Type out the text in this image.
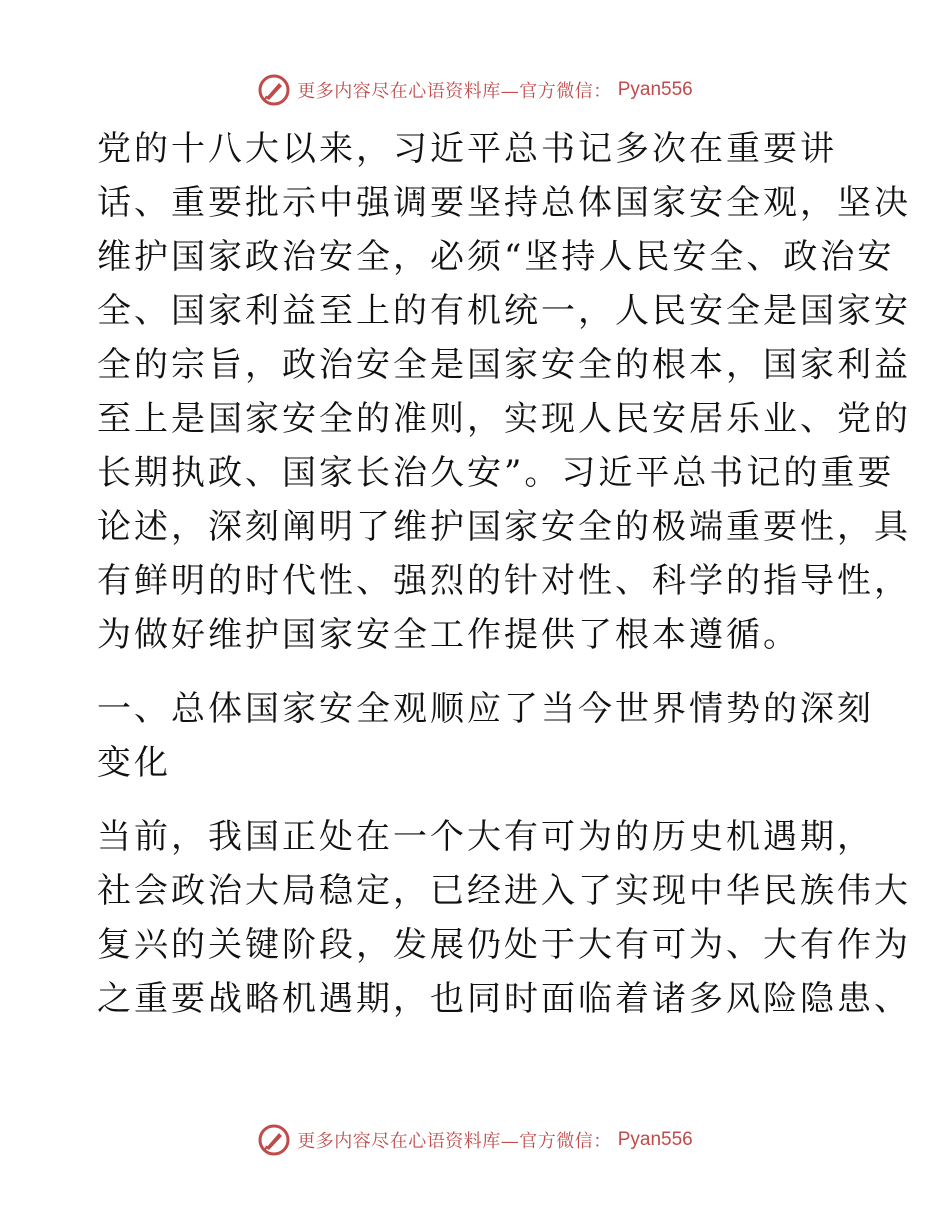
更多内容尽在心语资料库—官方微信： Pyan556
党的十八大以来，习近平总书记多次在重要讲
话、重要批示中强调要坚持总体国家安全观，坚决
维护国家政治安全，必须“坚持人民安全、政治安
全、国家利益至上的有机统一，人民安全是国家安
全的宗旨，政治安全是国家安全的根本，国家利益
至上是国家安全的准则，实现人民安居乐业、党的
长期执政、国家长治久安”。习近平总书记的重要
论述，深刻阐明了维护国家安全的极端重要性，具
有鲜明的时代性、强烈的针对性、科学的指导性，
为做好维护国家安全工作提供了根本遵循。
一、总体国家安全观顺应了当今世界情势的深刻
变化
当前，我国正处在一个大有可为的历史机遇期，
社会政治大局稳定，已经进入了实现中华民族伟大
复兴的关键阶段，发展仍处于大有可为、大有作为
之重要战略机遇期，也同时面临着诸多风险隐患、
更多内容尽在心语资料库—官方微信： Pyan556
